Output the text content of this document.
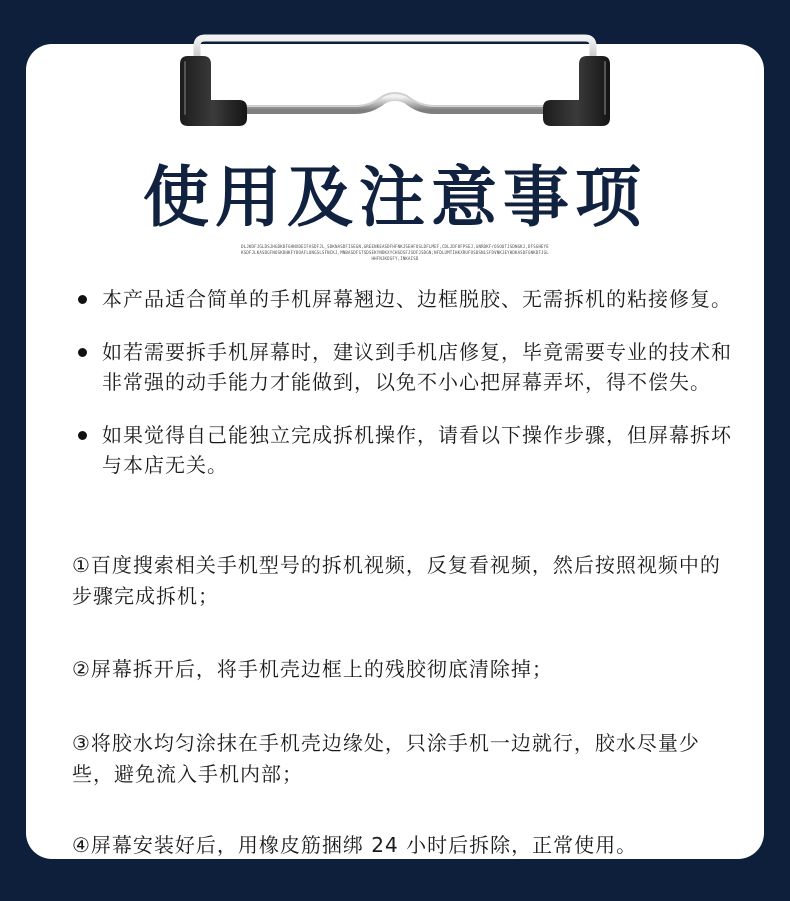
使用及注意事项
DLJKDFJGLDSJHGDKDFGHNXDEIFASDFJL_SDKNASDFISEGN,GREENKEASDFHFNKJSEHFOSLDFLMEF,CDLJDF8FPSEJ,GNRDKF/OSOUTJSDNGKJ,DFSGHEYEKSDFJLKASDGFNOSKDHKFYDOAFLUNGSLSFNCKJ,MNBASDFSTSDSEKYNDKXYCHSDSFJSDFJSDGN;NFDLUMTIHKXRUFOSDSNLSFDVNKJEYHDKASDFGNKDFJGLHHFNJKDSFY,INKAISD
本产品适合简单的手机屏幕翘边、边框脱胶、无需拆机的粘接修复。
如若需要拆手机屏幕时，建议到手机店修复，毕竟需要专业的技术和非常强的动手能力才能做到，以免不小心把屏幕弄坏，得不偿失。
如果觉得自己能独立完成拆机操作，请看以下操作步骤，但屏幕拆坏与本店无关。
①百度搜索相关手机型号的拆机视频，反复看视频，然后按照视频中的步骤完成拆机；
②屏幕拆开后，将手机壳边框上的残胶彻底清除掉；
③将胶水均匀涂抹在手机壳边缘处，只涂手机一边就行，胶水尽量少些，避免流入手机内部；
④屏幕安装好后，用橡皮筋捆绑 24 小时后拆除，正常使用。
